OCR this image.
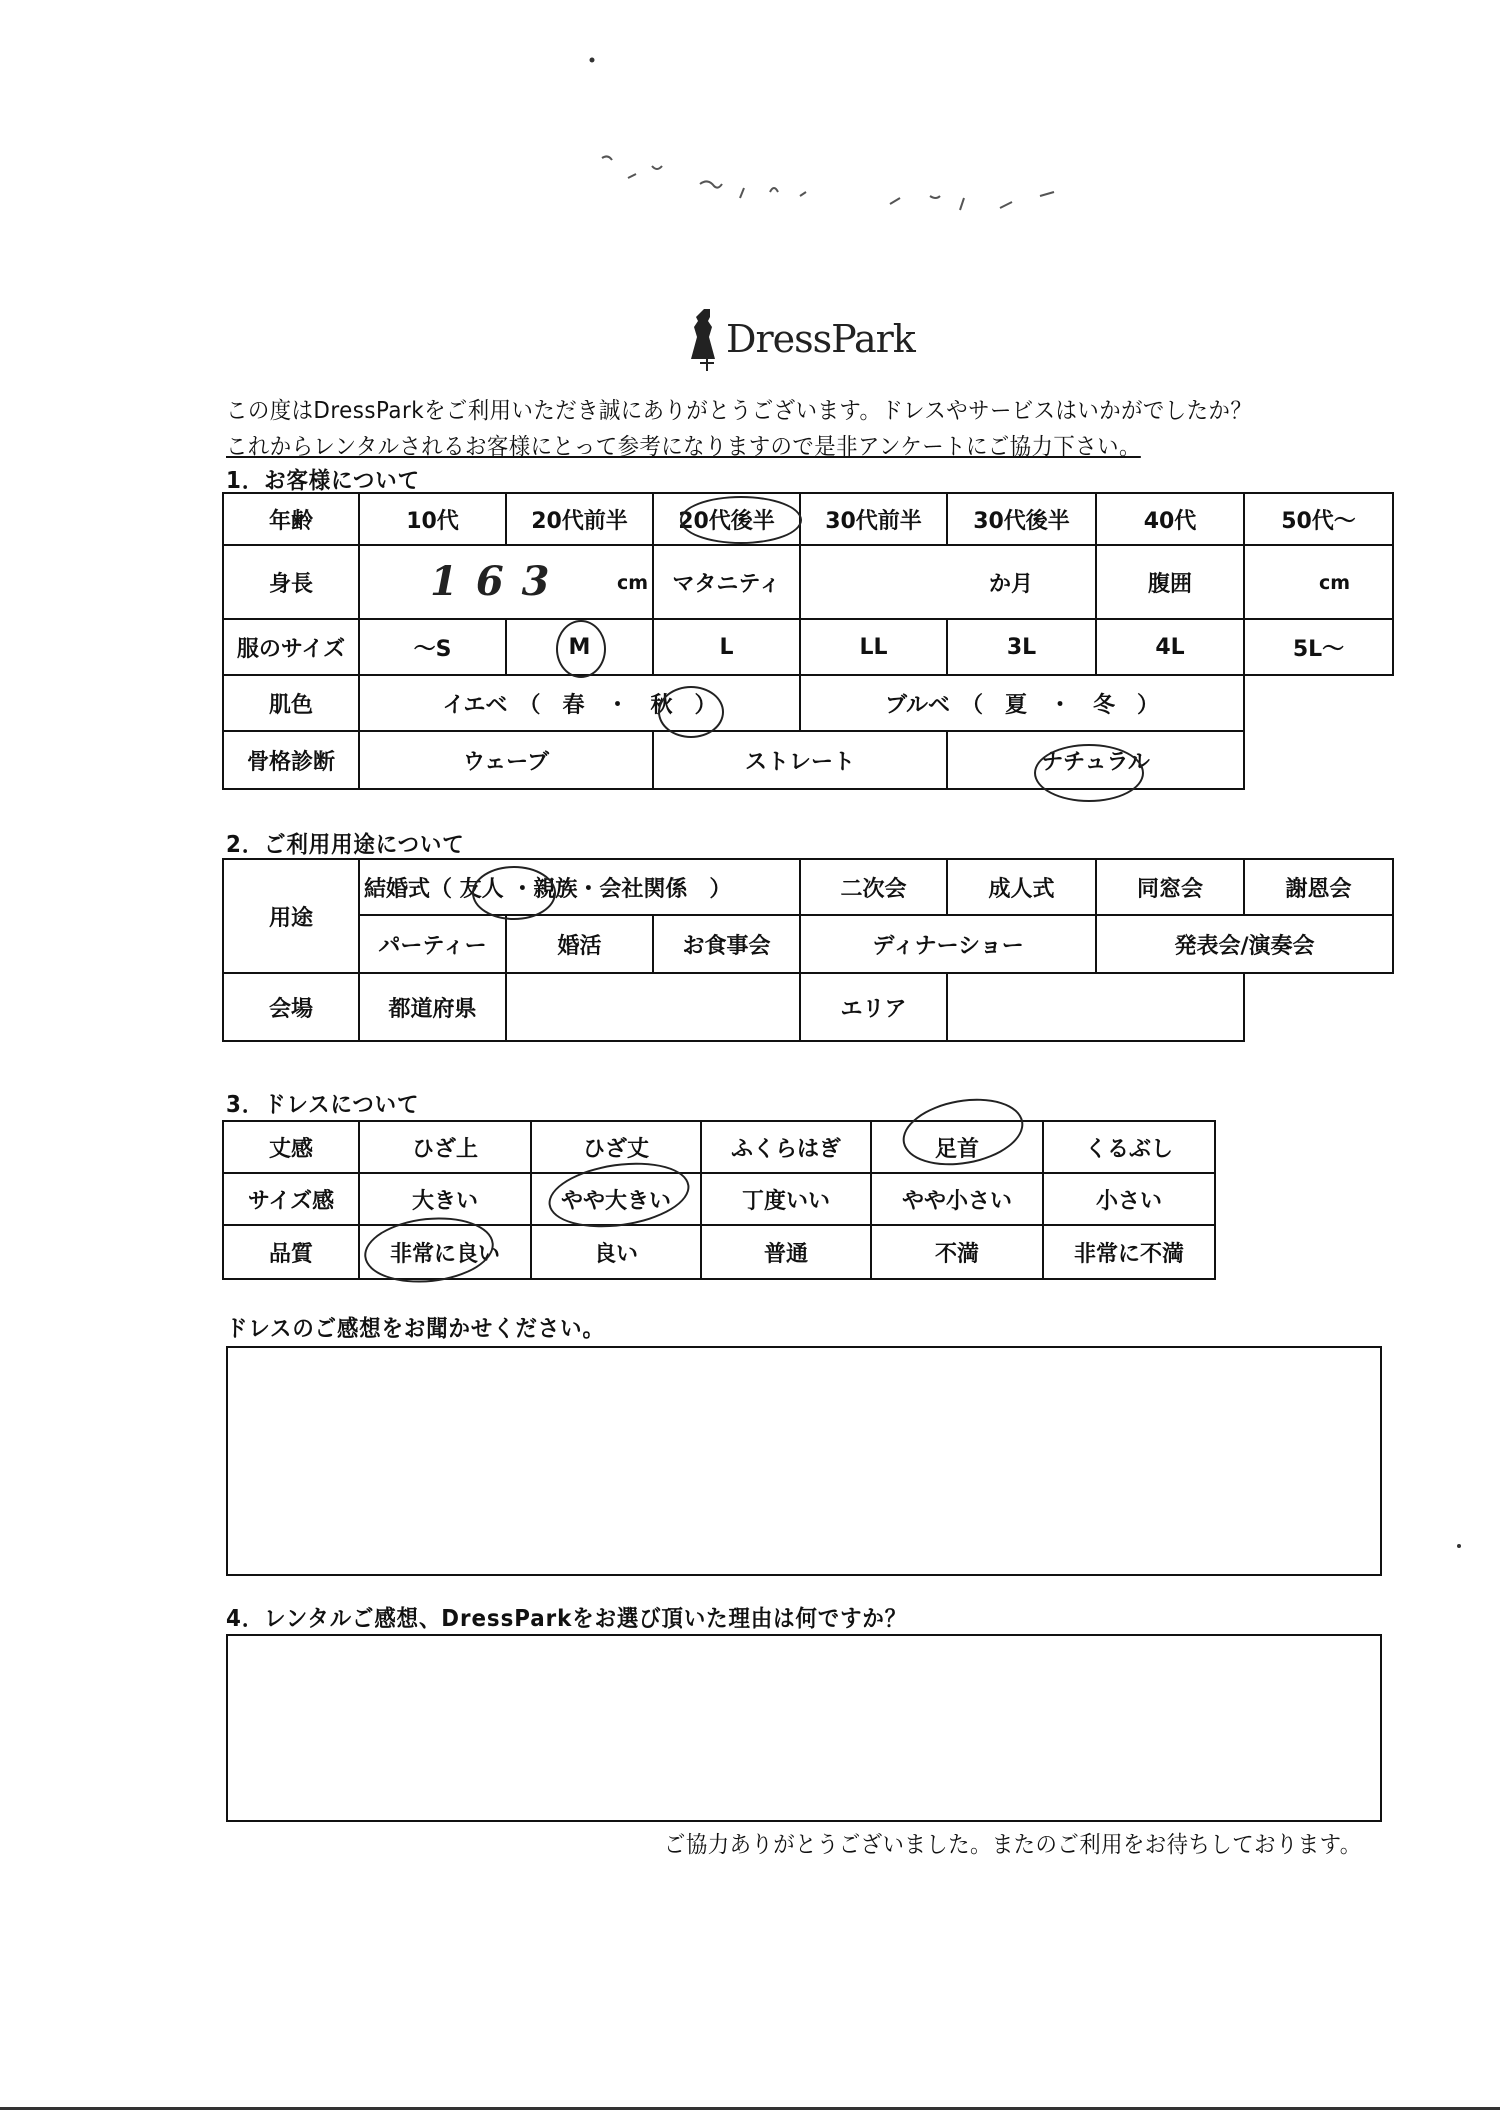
DressPark
この度はDressParkをご利用いただき誠にありがとうございます。ドレスやサービスはいかがでしたか？
これからレンタルされるお客様にとって参考になりますので是非アンケートにご協力下さい。
1．お客様について
年齢	10代	20代前半	20代後半	30代前半	30代後半	40代	50代～
身長	163 cm		マタニティ	か月		腹囲	cm
服のサイズ	～S	M	L	LL	3L	4L	5L～
肌色	イエベ　（　春　・　秋　）			ブルベ　（　夏　・　冬　）			
骨格診断	ウェーブ		ストレート		ナチュラル		
2．ご利用用途について
用途	結婚式（ 友人 ・親族・会社関係　）			二次会	成人式	同窓会	謝恩会
	パーティー	婚活	お食事会	ディナーショー		発表会/演奏会	
会場	都道府県			エリア			
3．ドレスについて
丈感	ひざ上	ひざ丈	ふくらはぎ	足首	くるぶし
サイズ感	大きい	やや大きい	丁度いい	やや小さい	小さい
品質	非常に良い	良い	普通	不満	非常に不満
ドレスのご感想をお聞かせください。
4．レンタルご感想、DressParkをお選び頂いた理由は何ですか？
ご協力ありがとうございました。またのご利用をお待ちしております。
